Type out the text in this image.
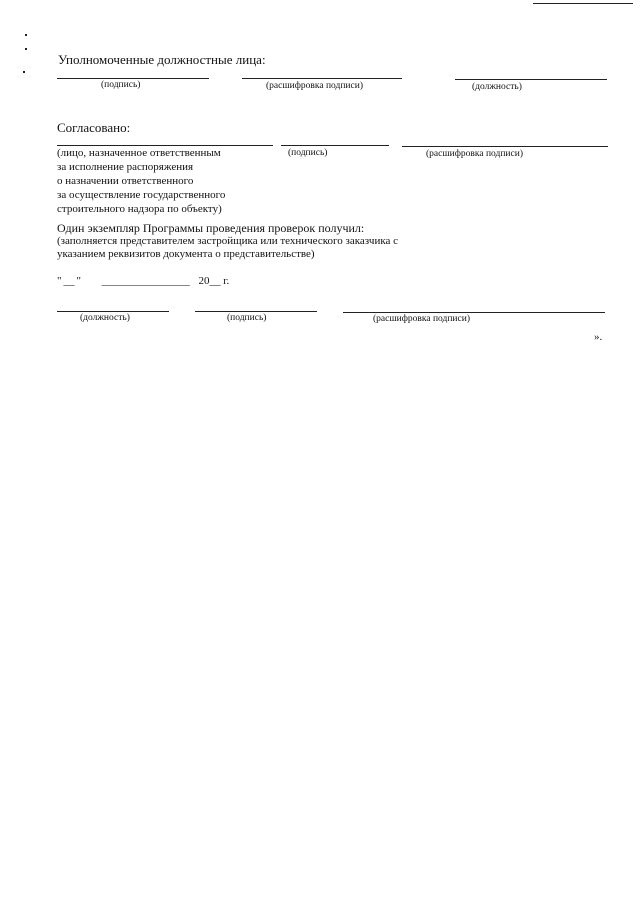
Уполномоченные должностные лица:
(подпись)	(расшифровка подписи)	(должность)
Согласовано:
(лицо, назначенное ответственным
за исполнение распоряжения
о назначении ответственного
за осуществление государственного
строительного надзора по объекту)
(подпись)	(расшифровка подписи)
Один экземпляр Программы проведения проверок получил:
(заполняется представителем застройщика или технического заказчика с
указанием реквизитов документа о представительстве)
" __ " ________________ 20__ г.
(должность)	(подпись)	(расшифровка подписи)
».
